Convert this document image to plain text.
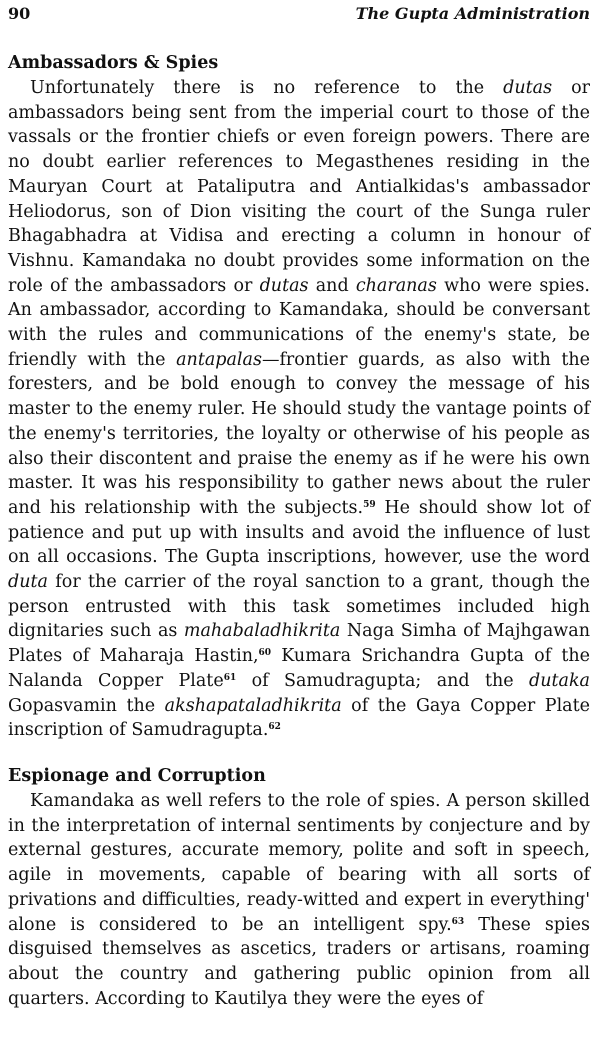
90	The Gupta Administration
Ambassadors & Spies

Unfortunately there is no reference to the dutas or ambassadors being sent from the imperial court to those of the vassals or the frontier chiefs or even foreign powers. There are no doubt earlier references to Megasthenes residing in the Mauryan Court at Pataliputra and Antialkidas's ambassador Heliodorus, son of Dion visiting the court of the Sunga ruler Bhagabhadra at Vidisa and erecting a column in honour of Vishnu. Kamandaka no doubt provides some information on the role of the ambassadors or dutas and charanas who were spies. An ambassador, according to Kamandaka, should be conversant with the rules and communications of the enemy's state, be friendly with the antapalas—frontier guards, as also with the foresters, and be bold enough to convey the message of his master to the enemy ruler. He should study the vantage points of the enemy's territories, the loyalty or otherwise of his people as also their discontent and praise the enemy as if he were his own master. It was his responsibility to gather news about the ruler and his relationship with the subjects.$^{59}$ He should show lot of patience and put up with insults and avoid the influence of lust on all occasions. The Gupta inscriptions, however, use the word duta for the carrier of the royal sanction to a grant, though the person entrusted with this task sometimes included high dignitaries such as mahabaladhikrita Naga Simha of Majhgawan Plates of Maharaja Hastin,$^{60}$ Kumara Srichandra Gupta of the Nalanda Copper Plate$^{61}$ of Samudragupta; and the dutaka Gopasvamin the akshapataladhikrita of the Gaya Copper Plate inscription of Samudragupta.$^{62}$

Espionage and Corruption

Kamandaka as well refers to the role of spies. A person skilled in the interpretation of internal sentiments by conjecture and by external gestures, accurate memory, polite and soft in speech, agile in movements, capable of bearing with all sorts of privations and difficulties, ready-witted and expert in everything' alone is considered to be an intelligent spy.$^{63}$ These spies disguised themselves as ascetics, traders or artisans, roaming about the country and gathering public opinion from all quarters. According to Kautilya they were the eyes of
